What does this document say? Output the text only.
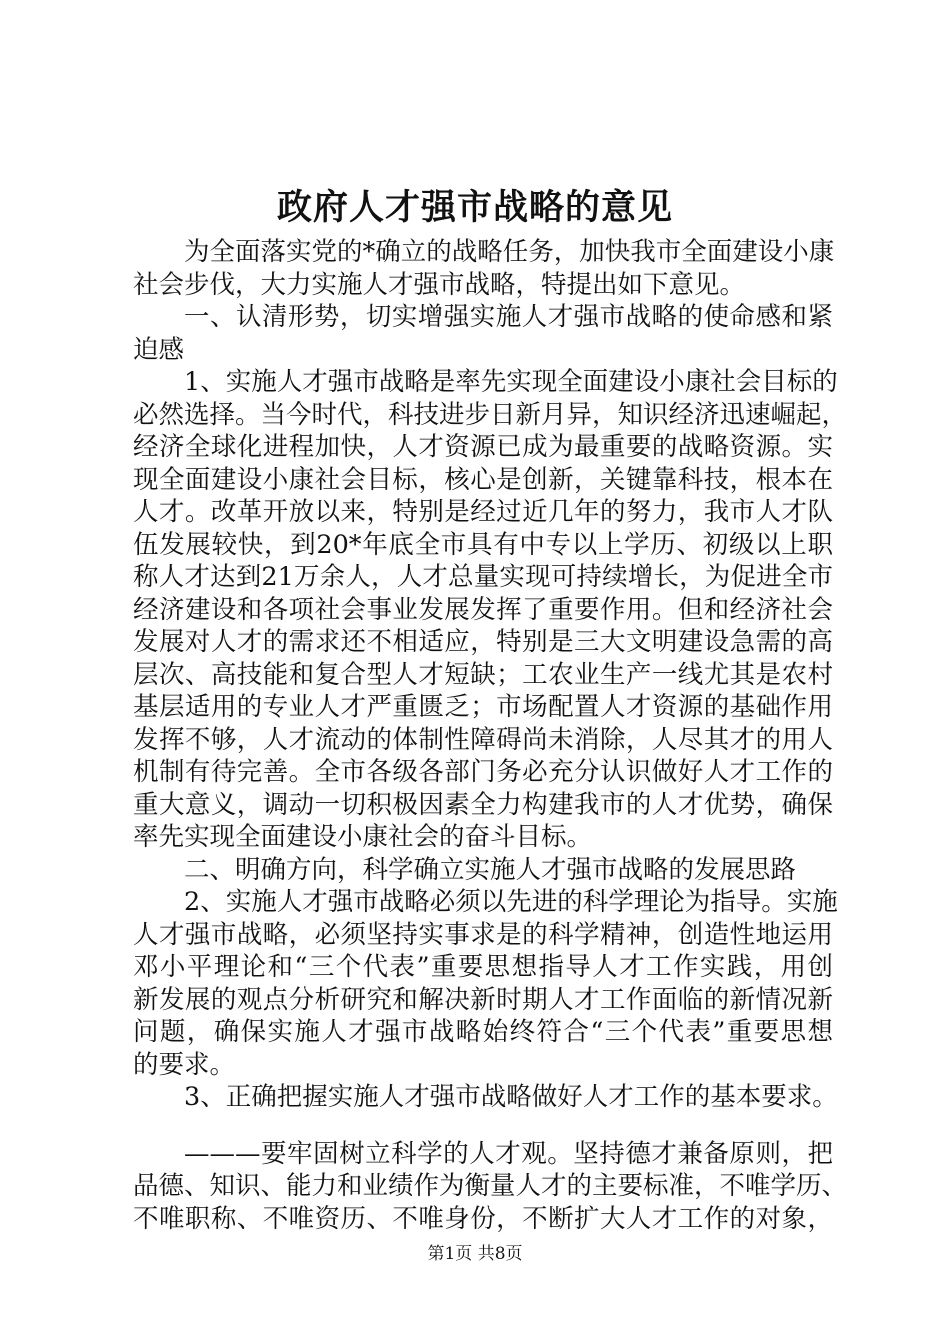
政府人才强市战略的意见
为全面落实党的*确立的战略任务，加快我市全面建设小康
社会步伐，大力实施人才强市战略，特提出如下意见。
一、认清形势，切实增强实施人才强市战略的使命感和紧
迫感
1、实施人才强市战略是率先实现全面建设小康社会目标的
必然选择。当今时代，科技进步日新月异，知识经济迅速崛起，
经济全球化进程加快，人才资源已成为最重要的战略资源。实
现全面建设小康社会目标，核心是创新，关键靠科技，根本在
人才。改革开放以来，特别是经过近几年的努力，我市人才队
伍发展较快，到20*年底全市具有中专以上学历、初级以上职
称人才达到21万余人，人才总量实现可持续增长，为促进全市
经济建设和各项社会事业发展发挥了重要作用。但和经济社会
发展对人才的需求还不相适应，特别是三大文明建设急需的高
层次、高技能和复合型人才短缺；工农业生产一线尤其是农村
基层适用的专业人才严重匮乏；市场配置人才资源的基础作用
发挥不够，人才流动的体制性障碍尚未消除，人尽其才的用人
机制有待完善。全市各级各部门务必充分认识做好人才工作的
重大意义，调动一切积极因素全力构建我市的人才优势，确保
率先实现全面建设小康社会的奋斗目标。
二、明确方向，科学确立实施人才强市战略的发展思路
2、实施人才强市战略必须以先进的科学理论为指导。实施
人才强市战略，必须坚持实事求是的科学精神，创造性地运用
邓小平理论和“三个代表”重要思想指导人才工作实践，用创
新发展的观点分析研究和解决新时期人才工作面临的新情况新
问题，确保实施人才强市战略始终符合“三个代表”重要思想
的要求。
3、正确把握实施人才强市战略做好人才工作的基本要求。
———要牢固树立科学的人才观。坚持德才兼备原则，把
品德、知识、能力和业绩作为衡量人才的主要标准，不唯学历、
不唯职称、不唯资历、不唯身份，不断扩大人才工作的对象，
第1页 共8页
